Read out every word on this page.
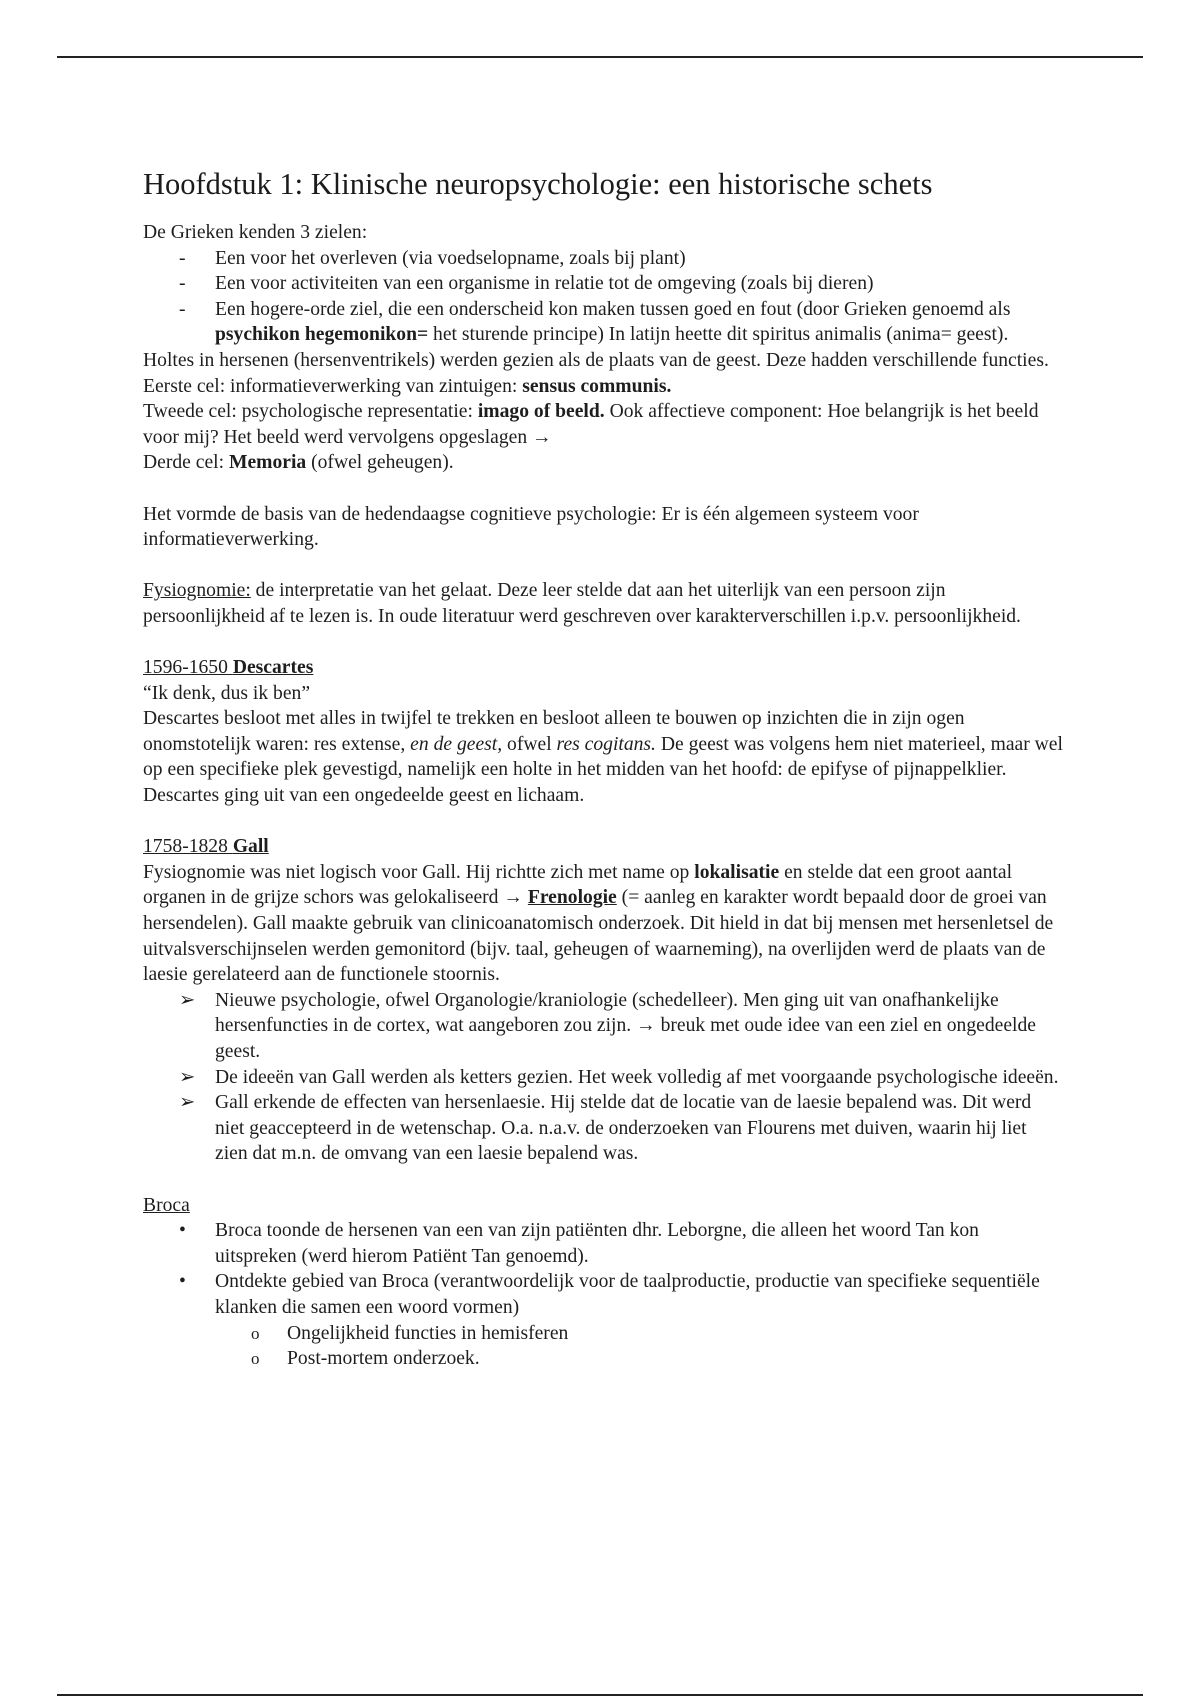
Hoofdstuk 1: Klinische neuropsychologie: een historische schets

De Grieken kenden 3 zielen:

-	Een voor het overleven (via voedselopname, zoals bij plant)
-	Een voor activiteiten van een organisme in relatie tot de omgeving (zoals bij dieren)
-	Een hogere-orde ziel, die een onderscheid kon maken tussen goed en fout (door Grieken genoemd als psychikon hegemonikon= het sturende principe) In latijn heette dit spiritus animalis (anima= geest).

Holtes in hersenen (hersenventrikels) werden gezien als de plaats van de geest. Deze hadden verschillende functies.

Eerste cel: informatieverwerking van zintuigen: sensus communis.

Tweede cel: psychologische representatie: imago of beeld. Ook affectieve component: Hoe belangrijk is het beeld voor mij? Het beeld werd vervolgens opgeslagen →

Derde cel: Memoria (ofwel geheugen).

Het vormde de basis van de hedendaagse cognitieve psychologie: Er is één algemeen systeem voor informatieverwerking.

Fysiognomie: de interpretatie van het gelaat. Deze leer stelde dat aan het uiterlijk van een persoon zijn persoonlijkheid af te lezen is. In oude literatuur werd geschreven over karakterverschillen i.p.v. persoonlijkheid.

1596-1650 Descartes

“Ik denk, dus ik ben”

Descartes besloot met alles in twijfel te trekken en besloot alleen te bouwen op inzichten die in zijn ogen onomstotelijk waren: res extense, en de geest, ofwel res cogitans. De geest was volgens hem niet materieel, maar wel op een specifieke plek gevestigd, namelijk een holte in het midden van het hoofd: de epifyse of pijnappelklier. Descartes ging uit van een ongedeelde geest en lichaam.

1758-1828 Gall

Fysiognomie was niet logisch voor Gall. Hij richtte zich met name op lokalisatie en stelde dat een groot aantal organen in de grijze schors was gelokaliseerd → Frenologie (= aanleg en karakter wordt bepaald door de groei van hersendelen). Gall maakte gebruik van clinicoanatomisch onderzoek. Dit hield in dat bij mensen met hersenletsel de uitvalsverschijnselen werden gemonitord (bijv. taal, geheugen of waarneming), na overlijden werd de plaats van de laesie gerelateerd aan de functionele stoornis.

➢ Nieuwe psychologie, ofwel Organologie/kraniologie (schedelleer). Men ging uit van onafhankelijke hersenfuncties in de cortex, wat aangeboren zou zijn. → breuk met oude idee van een ziel en ongedeelde geest.
➢ De ideeën van Gall werden als ketters gezien. Het week volledig af met voorgaande psychologische ideeën.
➢ Gall erkende de effecten van hersenlaesie. Hij stelde dat de locatie van de laesie bepalend was. Dit werd niet geaccepteerd in de wetenschap. O.a. n.a.v. de onderzoeken van Flourens met duiven, waarin hij liet zien dat m.n. de omvang van een laesie bepalend was.

Broca

•	Broca toonde de hersenen van een van zijn patiënten dhr. Leborgne, die alleen het woord Tan kon uitspreken (werd hierom Patiënt Tan genoemd).
•	Ontdekte gebied van Broca (verantwoordelijk voor de taalproductie, productie van specifieke sequentiële klanken die samen een woord vormen)
o Ongelijkheid functies in hemisferen
o Post-mortem onderzoek.
